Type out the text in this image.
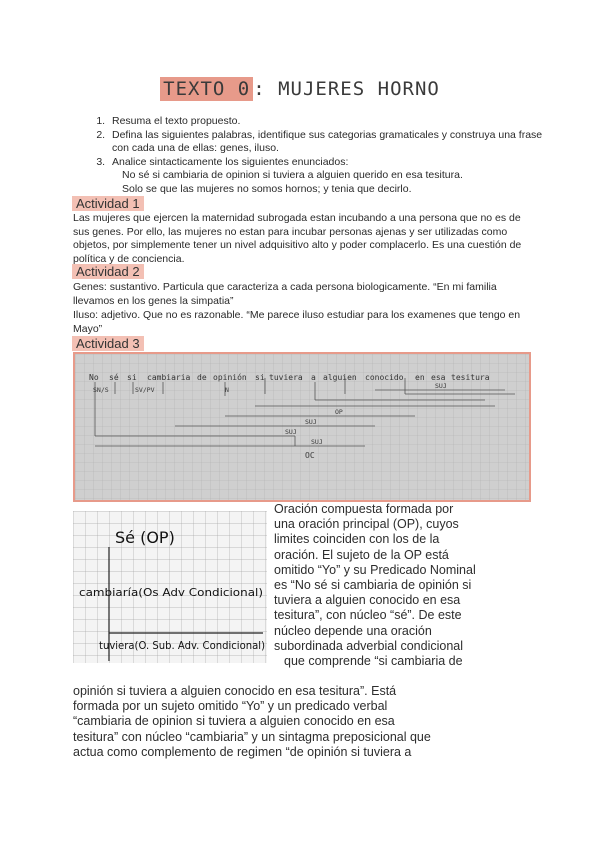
TEXTO 0 : MUJERES HORNO
1. Resuma el texto propuesto.
2. Defina las siguientes palabras, identifique sus categorias gramaticales y construya una frase con cada una de ellas: genes, iluso.
3. Analice sintacticamente los siguientes enunciados:
No sé si cambiaria de opinion si tuviera a alguien querido en esa tesitura.
Solo se que las mujeres no somos hornos; y tenia que decirlo.
Actividad 1
Las mujeres que ejercen la maternidad subrogada estan incubando a una persona que no es de sus genes. Por ello, las mujeres no estan para incubar personas ajenas y ser utilizadas como objetos, por simplemente tener un nivel adquisitivo alto y poder complacerlo. Es una cuestión de política y de conciencia.
Actividad 2
Genes: sustantivo. Particula que caracteriza a cada persona biologicamente. “En mi familia llevamos en los genes la simpatia”
Iluso: adjetivo. Que no es razonable. “Me parece iluso estudiar para los examenes que tengo en Mayo”
Actividad 3
No sé si cambiaria de opinión si tuviera a alguien conocido en esa tesitura
SN/S	SV/PV	N	SUJ
OP
SUJ
SUJ
SUJ
OC
Sé (OP)
cambiaría(Os Adv Condicional)
tuviera(O. Sub. Adv. Condicional)
Oración compuesta formada por
una oración principal (OP), cuyos
limites coinciden con los de la
oración. El sujeto de la OP está
omitido “Yo” y su Predicado Nominal
es “No sé si cambiaria de opinión si
tuviera a alguien conocido en esa
tesitura”, con núcleo “sé”. De este
núcleo depende una oración
subordinada adverbial condicional
que comprende “si cambiaria de
opinión si tuviera a alguien conocido en esa tesitura”. Está
formada por un sujeto omitido “Yo” y un predicado verbal
“cambiaria de opinion si tuviera a alguien conocido en esa
tesitura” con núcleo “cambiaria” y un sintagma preposicional que
actua como complemento de regimen “de opinión si tuviera a
